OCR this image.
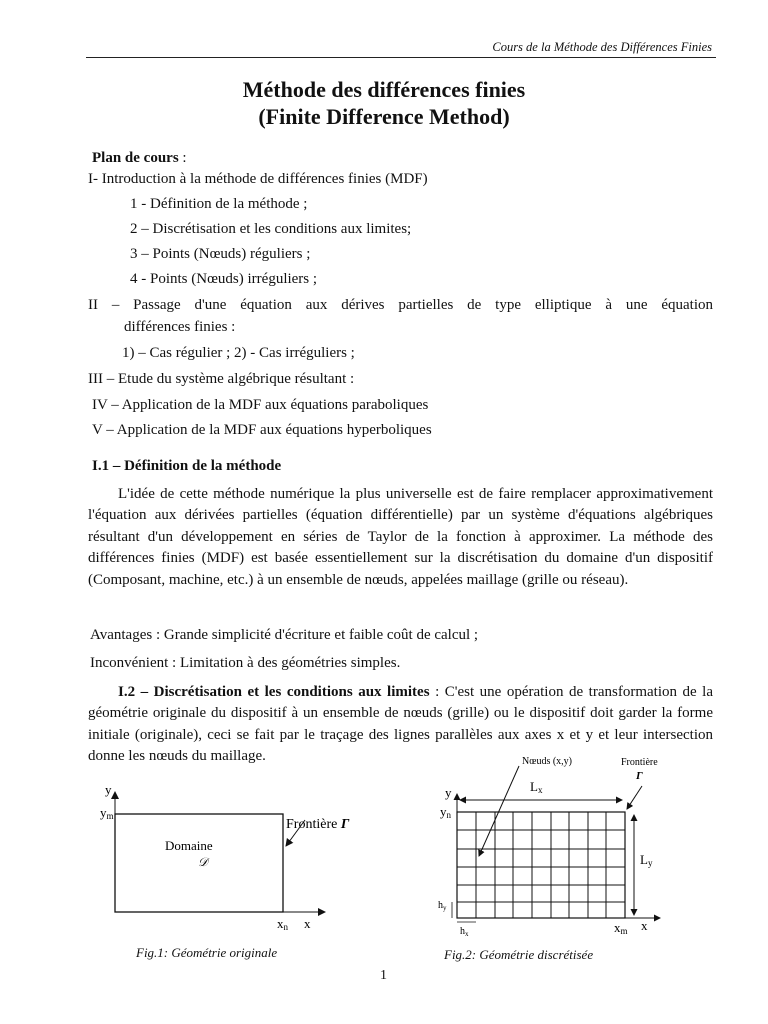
Cours de la Méthode des Différences Finies
Méthode des différences finies
(Finite Difference Method)
Plan de cours :
I- Introduction à la méthode de différences finies (MDF)
1 - Définition de la méthode ;
2 – Discrétisation et les conditions aux limites;
3 – Points (Nœuds) réguliers ;
4 - Points (Nœuds) irréguliers ;
II – Passage d'une équation aux dérives partielles de type elliptique à une équation
différences finies :
1) – Cas régulier ; 2) - Cas irréguliers ;
III – Etude du système algébrique résultant :
IV – Application de la MDF aux équations paraboliques
V – Application de la MDF aux équations hyperboliques
I.1 – Définition de la méthode
L'idée de cette méthode numérique la plus universelle est de faire remplacer approximativement l'équation aux dérivées partielles (équation différentielle) par un système d'équations algébriques résultant d'un développement en séries de Taylor de la fonction à approximer. La méthode des différences finies (MDF) est basée essentiellement sur la discrétisation du domaine d'un dispositif (Composant, machine, etc.) à un ensemble de nœuds, appelées maillage (grille ou réseau).
Avantages : Grande simplicité d'écriture et faible coût de calcul ;
Inconvénient : Limitation à des géométries simples.
I.2 – Discrétisation et les conditions aux limites : C'est une opération de transformation de la géométrie originale du dispositif à un ensemble de nœuds (grille) ou le dispositif doit garder la forme initiale (originale), ceci se fait par le traçage des lignes parallèles aux axes x et y et leur intersection donne les nœuds du maillage.
y
ym
Frontière Γ
Domaine
𝒟
xn x
Fig.1: Géométrie originale
Nœuds (x,y)	Frontière
Γ
y
yn
Lx
Ly
$h_y$
$h_x$	xm x
Fig.2: Géométrie discrétisée
1
